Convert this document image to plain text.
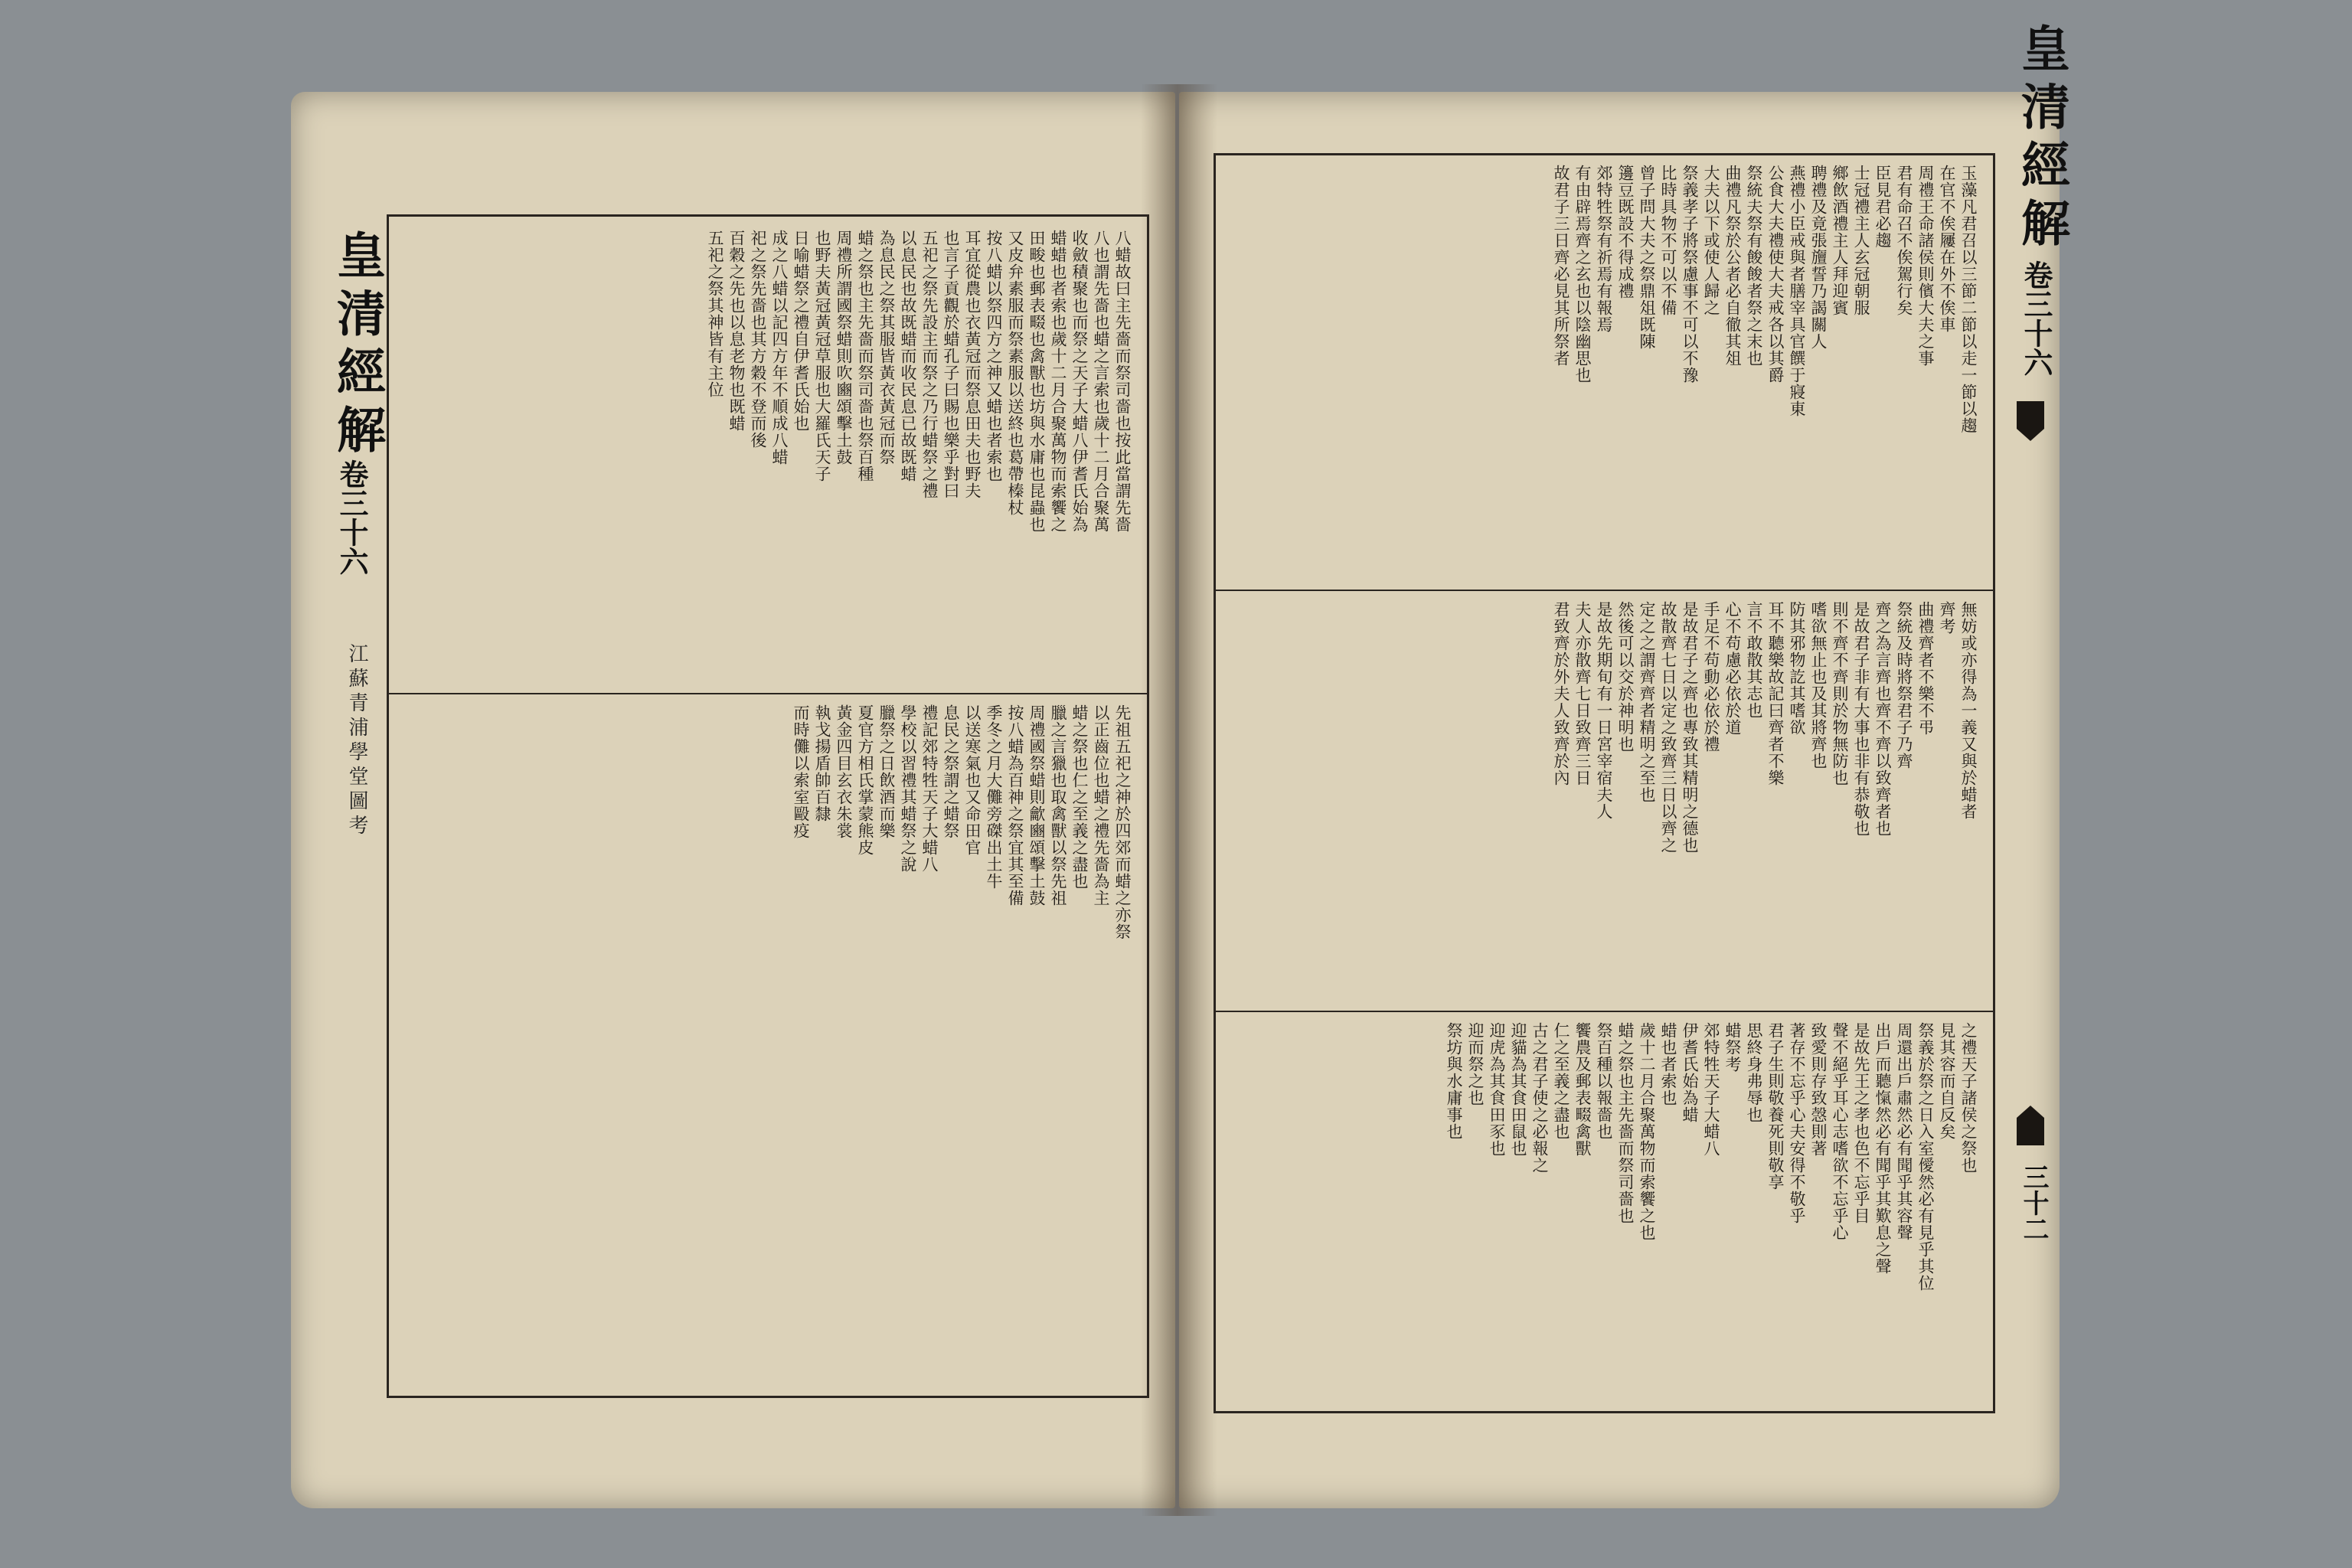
皇清經解
卷三十六
江蘇青浦學堂圖考
八蜡故曰主先嗇而祭司嗇也按此當謂先嗇
八也謂先嗇也蜡之言索也歲十二月合聚萬
收斂積聚也而祭之天子大蜡八伊耆氏始為
蜡蜡也者索也歲十二月合聚萬物而索饗之
田畯也郵表畷也禽獸也坊與水庸也昆蟲也
又皮弁素服而祭素服以送終也葛帶榛杖
按八蜡以祭四方之神又蜡也者索也
耳宜從農也衣黃冠而祭息田夫也野夫
也言子貢觀於蜡孔子曰賜也樂乎對曰
五祀之祭先設主而祭之乃行蜡祭之禮
以息民也故既蜡而收民息已故既蜡
為息民之祭其服皆黃衣黃冠而祭
蜡之祭也主先嗇而祭司嗇也祭百種
周禮所謂國祭蜡則吹豳頌擊土鼓
也野夫黃冠黃冠草服也大羅氏天子
日喻蜡祭之禮自伊耆氏始也
成之八蜡以記四方年不順成八蜡
祀之祭先嗇也其方穀不登而後
百穀之先也以息老物也既蜡
五祀之祭其神皆有主位
先祖五祀之神於四郊而蜡之亦祭
以正齒位也蜡之禮先嗇為主
蜡之祭也仁之至義之盡也
臘之言獵也取禽獸以祭先祖
周禮國祭蜡則龡豳頌擊土鼓
按八蜡為百神之祭宜其至備
季冬之月大儺旁磔出土牛
以送寒氣也又命田官
息民之祭謂之蜡祭
禮記郊特牲天子大蜡八
學校以習禮其蜡祭之說
臘祭之日飲酒而樂
夏官方相氏掌蒙熊皮
黃金四目玄衣朱裳
執戈揚盾帥百隸
而時儺以索室毆疫
皇清經解
卷三十六
三十二
玉藻凡君召以三節二節以走一節以趨
在官不俟屨在外不俟車
周禮王命諸侯則儐大夫之事
君有命召不俟駕行矣
臣見君必趨
士冠禮主人玄冠朝服
鄉飲酒禮主人拜迎賓
聘禮及竟張旜誓乃謁關人
燕禮小臣戒與者膳宰具官饌于寢東
公食大夫禮使大夫戒各以其爵
祭統夫祭有餕餕者祭之末也
曲禮凡祭於公者必自徹其俎
大夫以下或使人歸之
祭義孝子將祭慮事不可以不豫
比時具物不可以不備
曾子問大夫之祭鼎俎既陳
籩豆既設不得成禮
郊特牲祭有祈焉有報焉
有由辟焉齊之玄也以陰幽思也
故君子三日齊必見其所祭者
無妨或亦得為一義又與於蜡者
齊考
曲禮齊者不樂不弔
祭統及時將祭君子乃齊
齊之為言齊也齊不齊以致齊者也
是故君子非有大事也非有恭敬也
則不齊不齊則於物無防也
嗜欲無止也及其將齊也
防其邪物訖其嗜欲
耳不聽樂故記曰齊者不樂
言不敢散其志也
心不苟慮必依於道
手足不苟動必依於禮
是故君子之齊也專致其精明之德也
故散齊七日以定之致齊三日以齊之
定之之謂齊齊者精明之至也
然後可以交於神明也
是故先期旬有一日宮宰宿夫人
夫人亦散齊七日致齊三日
君致齊於外夫人致齊於內
之禮天子諸侯之祭也
見其容而自反矣
祭義於祭之日入室僾然必有見乎其位
周還出戶肅然必有聞乎其容聲
出戶而聽愾然必有聞乎其歎息之聲
是故先王之孝也色不忘乎目
聲不絕乎耳心志嗜欲不忘乎心
致愛則存致愨則著
著存不忘乎心夫安得不敬乎
君子生則敬養死則敬享
思終身弗辱也
蜡祭考
郊特牲天子大蜡八
伊耆氏始為蜡
蜡也者索也
歲十二月合聚萬物而索饗之也
蜡之祭也主先嗇而祭司嗇也
祭百種以報嗇也
饗農及郵表畷禽獸
仁之至義之盡也
古之君子使之必報之
迎貓為其食田鼠也
迎虎為其食田豕也
迎而祭之也
祭坊與水庸事也
